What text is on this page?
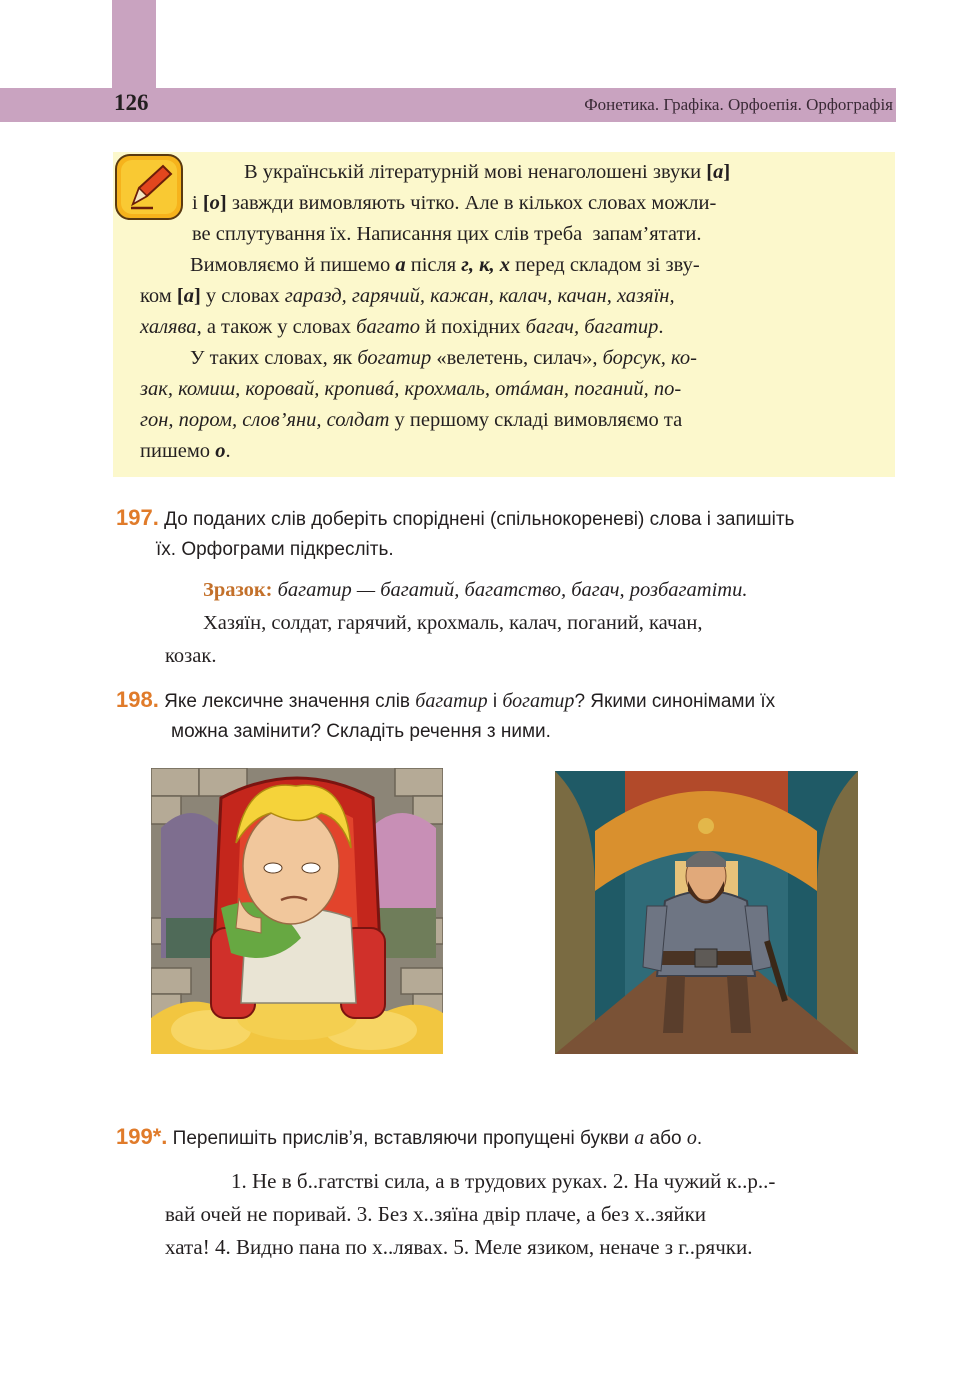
126	Фонетика. Графіка. Орфоепія. Орфографія

В українській літературній мові ненаголошені звуки [а]

і [о] завжди вимовляють чітко. Але в кількох словах можли-
ве сплутування їх. Написання цих слів треба  запам’ятати.

Вимовляємо й пишемо а після г, к, х перед складом зі зву-
ком [а] у словах гаразд, гарячий, кажан, калач, качан, хазяїн,
халява, а також у словах багато й похідних багач, багатир.

У таких словах, як богатир «велетень, силач», борсук, ко-
зак, комиш, коровай, кропивá, крохмаль, отáман, поганий, по-
гон, пором, слов’яни, солдат у першому складі вимовляємо та
пишемо о.

197. До поданих слів доберіть споріднені (спільнокореневі) слова і запишіть
їх. Орфограми підкресліть.

Зразок: багатир — багатий, багатство, багач, розбагатіти.

Хазяїн, солдат, гарячий, крохмаль, калач, поганий, качан,

козак.

198. Яке лексичне значення слів багатир і богатир? Якими синонімами їх
можна замінити? Складіть речення з ними.
199*. Перепишіть прислів’я, вставляючи пропущені букви а або о.

1. Не в б..гатстві сила, а в трудових руках. 2. На чужий к..р..-

вай очей не поривай. 3. Без х..зяїна двір плаче, а без х..зяйки

хата! 4. Видно пана по х..лявах. 5. Меле язиком, неначе з г..рячки.
